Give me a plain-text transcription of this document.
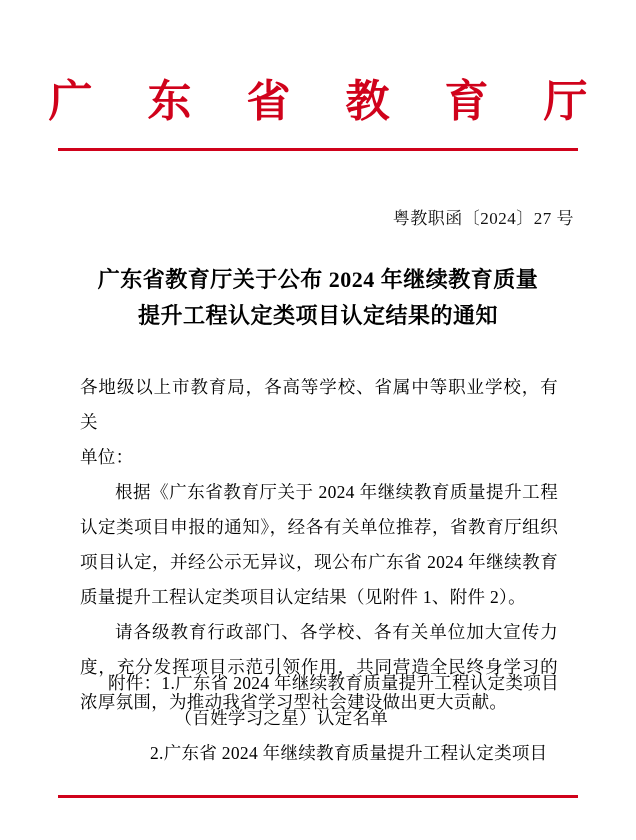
广 东 省 教 育 厅
粤教职函〔2024〕27 号
广东省教育厅关于公布 2024 年继续教育质量
提升工程认定类项目认定结果的通知

各地级以上市教育局，各高等学校、省属中等职业学校，有关

单位：

根据《广东省教育厅关于 2024 年继续教育质量提升工程认定类项目申报的通知》，经各有关单位推荐，省教育厅组织项目认定，并经公示无异议，现公布广东省 2024 年继续教育质量提升工程认定类项目认定结果（见附件 1、附件 2）。

请各级教育行政部门、各学校、各有关单位加大宣传力度，充分发挥项目示范引领作用，共同营造全民终身学习的浓厚氛围，为推动我省学习型社会建设做出更大贡献。

附件：1.广东省 2024 年继续教育质量提升工程认定类项目
（百姓学习之星）认定名单
2.广东省 2024 年继续教育质量提升工程认定类项目
